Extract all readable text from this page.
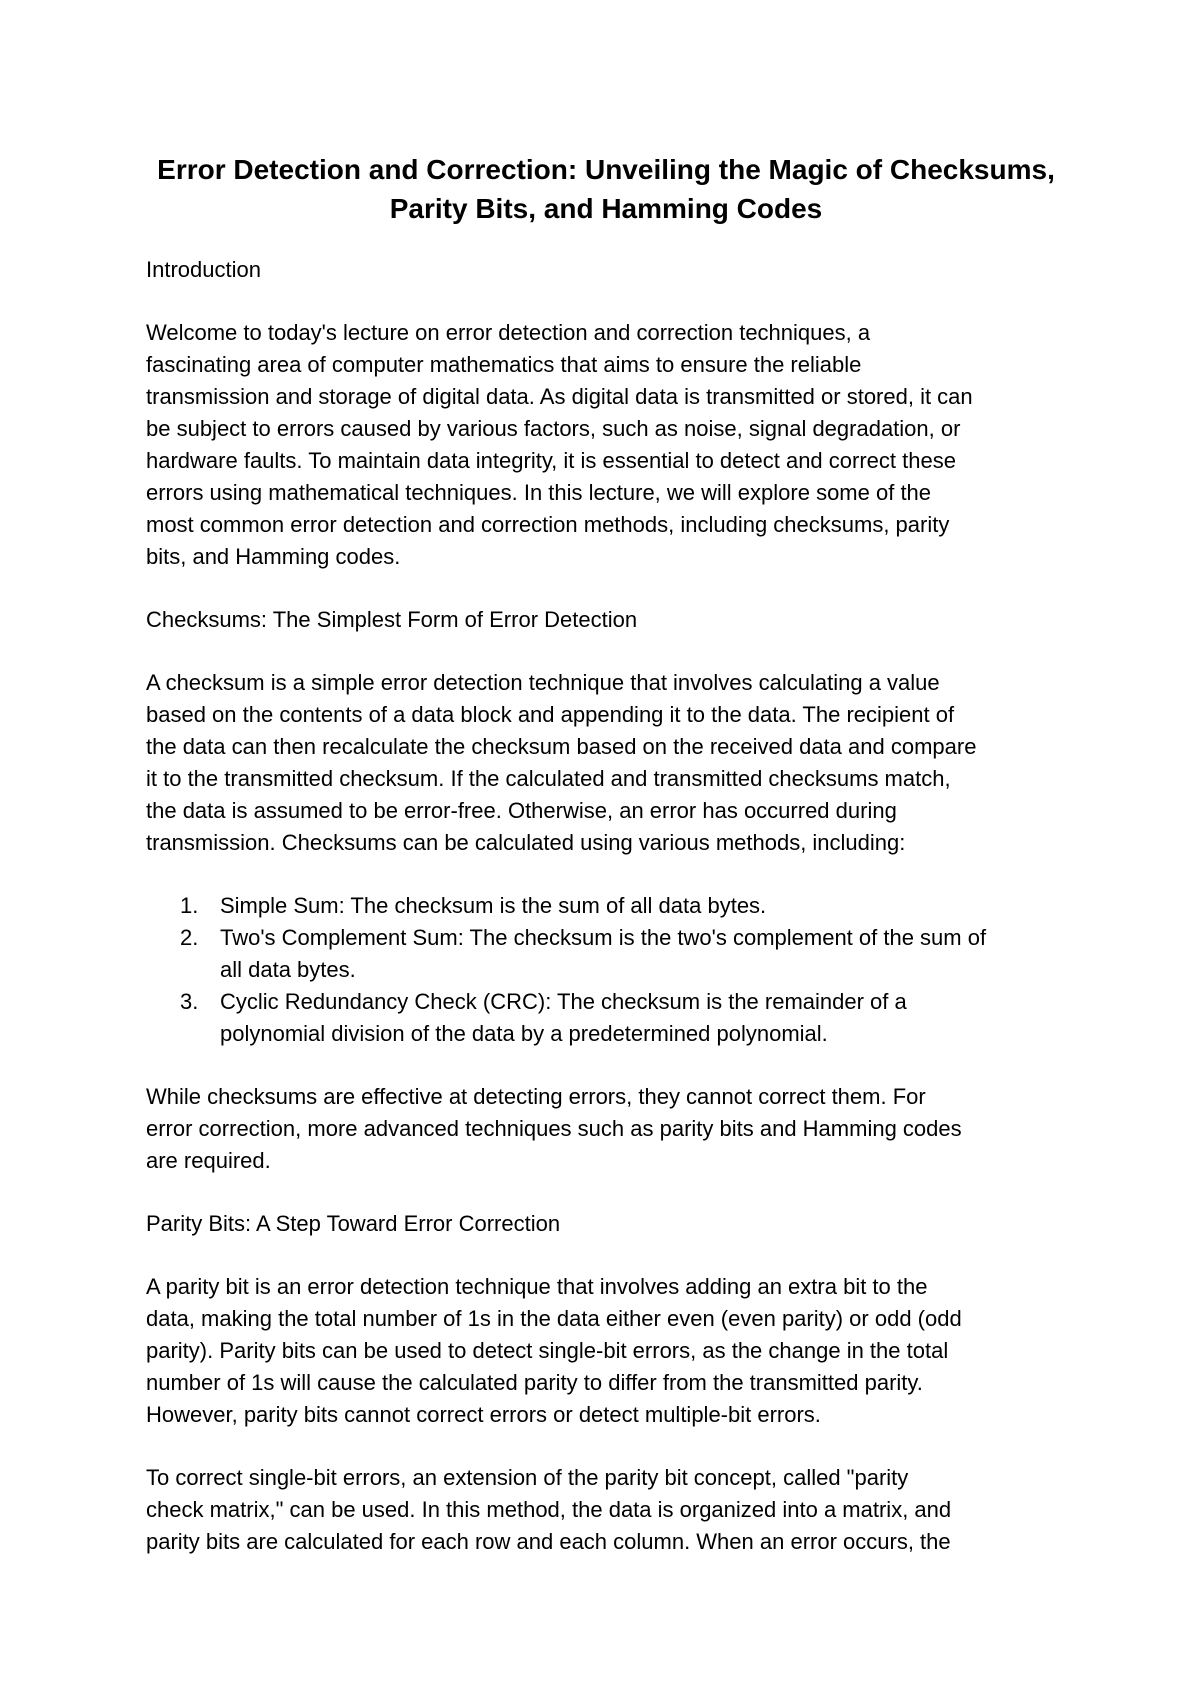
Error Detection and Correction: Unveiling the Magic of Checksums,
Parity Bits, and Hamming Codes
Introduction
Welcome to today's lecture on error detection and correction techniques, a
fascinating area of computer mathematics that aims to ensure the reliable
transmission and storage of digital data. As digital data is transmitted or stored, it can
be subject to errors caused by various factors, such as noise, signal degradation, or
hardware faults. To maintain data integrity, it is essential to detect and correct these
errors using mathematical techniques. In this lecture, we will explore some of the
most common error detection and correction methods, including checksums, parity
bits, and Hamming codes.
Checksums: The Simplest Form of Error Detection
A checksum is a simple error detection technique that involves calculating a value
based on the contents of a data block and appending it to the data. The recipient of
the data can then recalculate the checksum based on the received data and compare
it to the transmitted checksum. If the calculated and transmitted checksums match,
the data is assumed to be error-free. Otherwise, an error has occurred during
transmission. Checksums can be calculated using various methods, including:
1. Simple Sum: The checksum is the sum of all data bytes.
2. Two's Complement Sum: The checksum is the two's complement of the sum of
all data bytes.
3. Cyclic Redundancy Check (CRC): The checksum is the remainder of a
polynomial division of the data by a predetermined polynomial.
While checksums are effective at detecting errors, they cannot correct them. For
error correction, more advanced techniques such as parity bits and Hamming codes
are required.
Parity Bits: A Step Toward Error Correction
A parity bit is an error detection technique that involves adding an extra bit to the
data, making the total number of 1s in the data either even (even parity) or odd (odd
parity). Parity bits can be used to detect single-bit errors, as the change in the total
number of 1s will cause the calculated parity to differ from the transmitted parity.
However, parity bits cannot correct errors or detect multiple-bit errors.
To correct single-bit errors, an extension of the parity bit concept, called "parity
check matrix," can be used. In this method, the data is organized into a matrix, and
parity bits are calculated for each row and each column. When an error occurs, the
